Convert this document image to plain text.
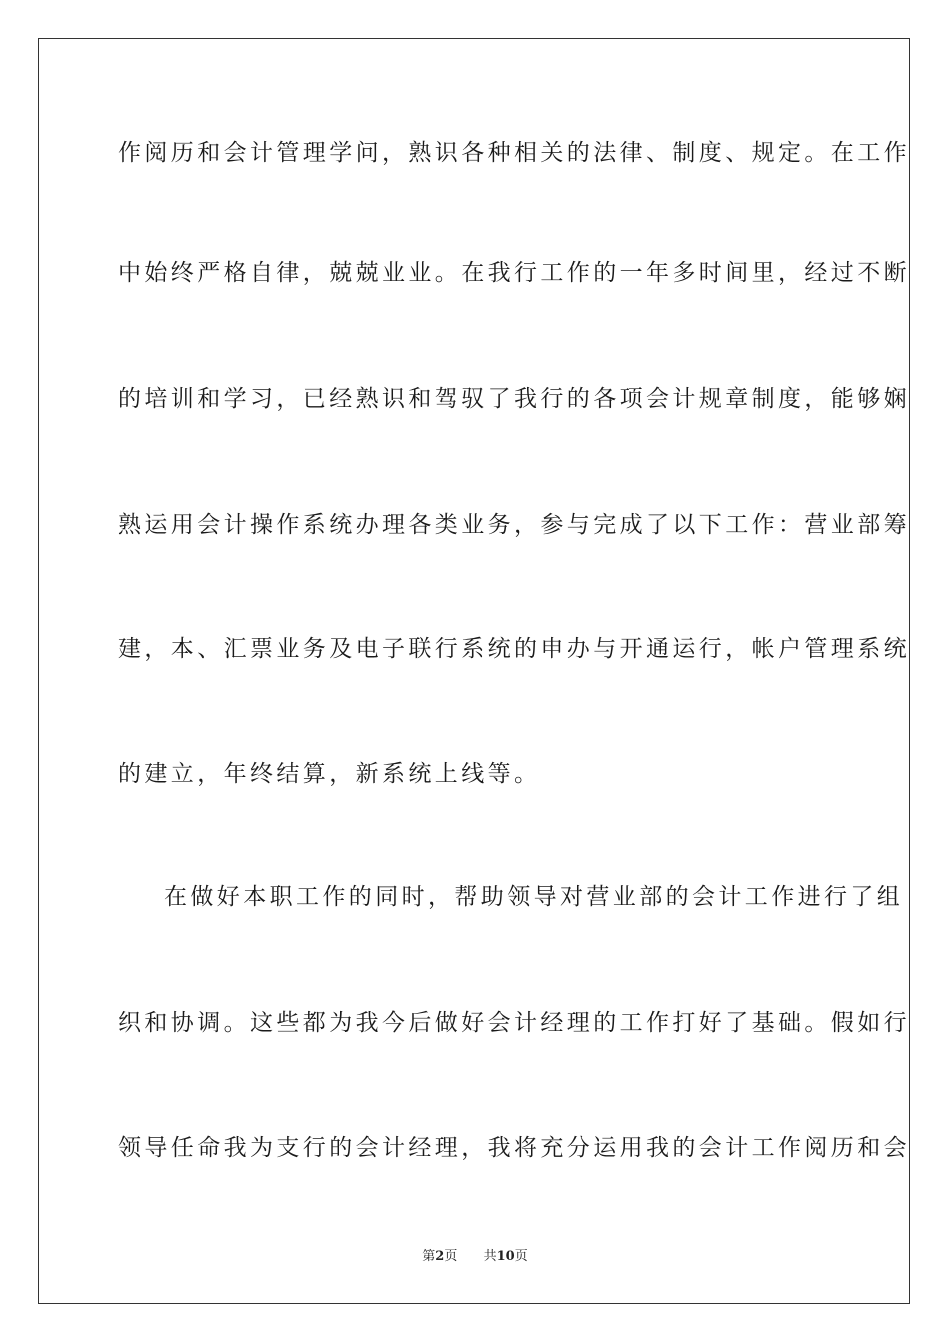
作阅历和会计管理学问，熟识各种相关的法律、制度、规定。在工作
中始终严格自律，兢兢业业。在我行工作的一年多时间里，经过不断
的培训和学习，已经熟识和驾驭了我行的各项会计规章制度，能够娴
熟运用会计操作系统办理各类业务，参与完成了以下工作：营业部筹
建，本、汇票业务及电子联行系统的申办与开通运行，帐户管理系统
的建立，年终结算，新系统上线等。
在做好本职工作的同时，帮助领导对营业部的会计工作进行了组
织和协调。这些都为我今后做好会计经理的工作打好了基础。假如行
领导任命我为支行的会计经理，我将充分运用我的会计工作阅历和会
第2页 共10页
